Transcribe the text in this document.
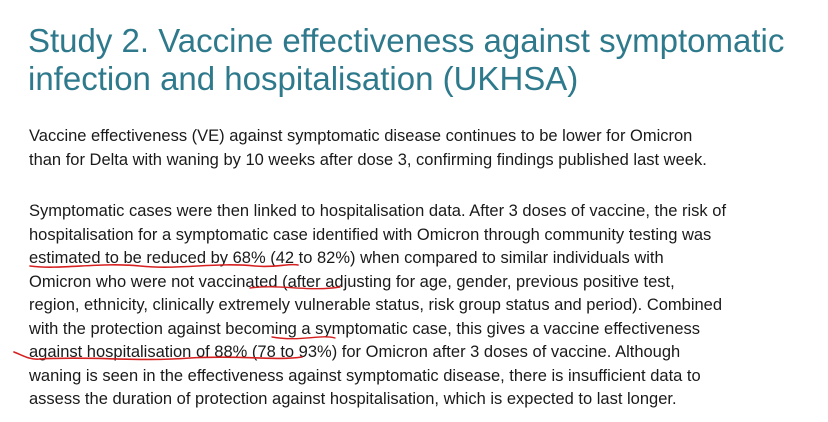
Study 2. Vaccine effectiveness against symptomatic
infection and hospitalisation (UKHSA)

Vaccine effectiveness (VE) against symptomatic disease continues to be lower for Omicron
than for Delta with waning by 10 weeks after dose 3, confirming findings published last week.

Symptomatic cases were then linked to hospitalisation data. After 3 doses of vaccine, the risk of
hospitalisation for a symptomatic case identified with Omicron through community testing was
estimated to be reduced by 68% (42 to 82%) when compared to similar individuals with
Omicron who were not vaccinated (after adjusting for age, gender, previous positive test,
region, ethnicity, clinically extremely vulnerable status, risk group status and period). Combined
with the protection against becoming a symptomatic case, this gives a vaccine effectiveness
against hospitalisation of 88% (78 to 93%) for Omicron after 3 doses of vaccine. Although
waning is seen in the effectiveness against symptomatic disease, there is insufficient data to
assess the duration of protection against hospitalisation, which is expected to last longer.
